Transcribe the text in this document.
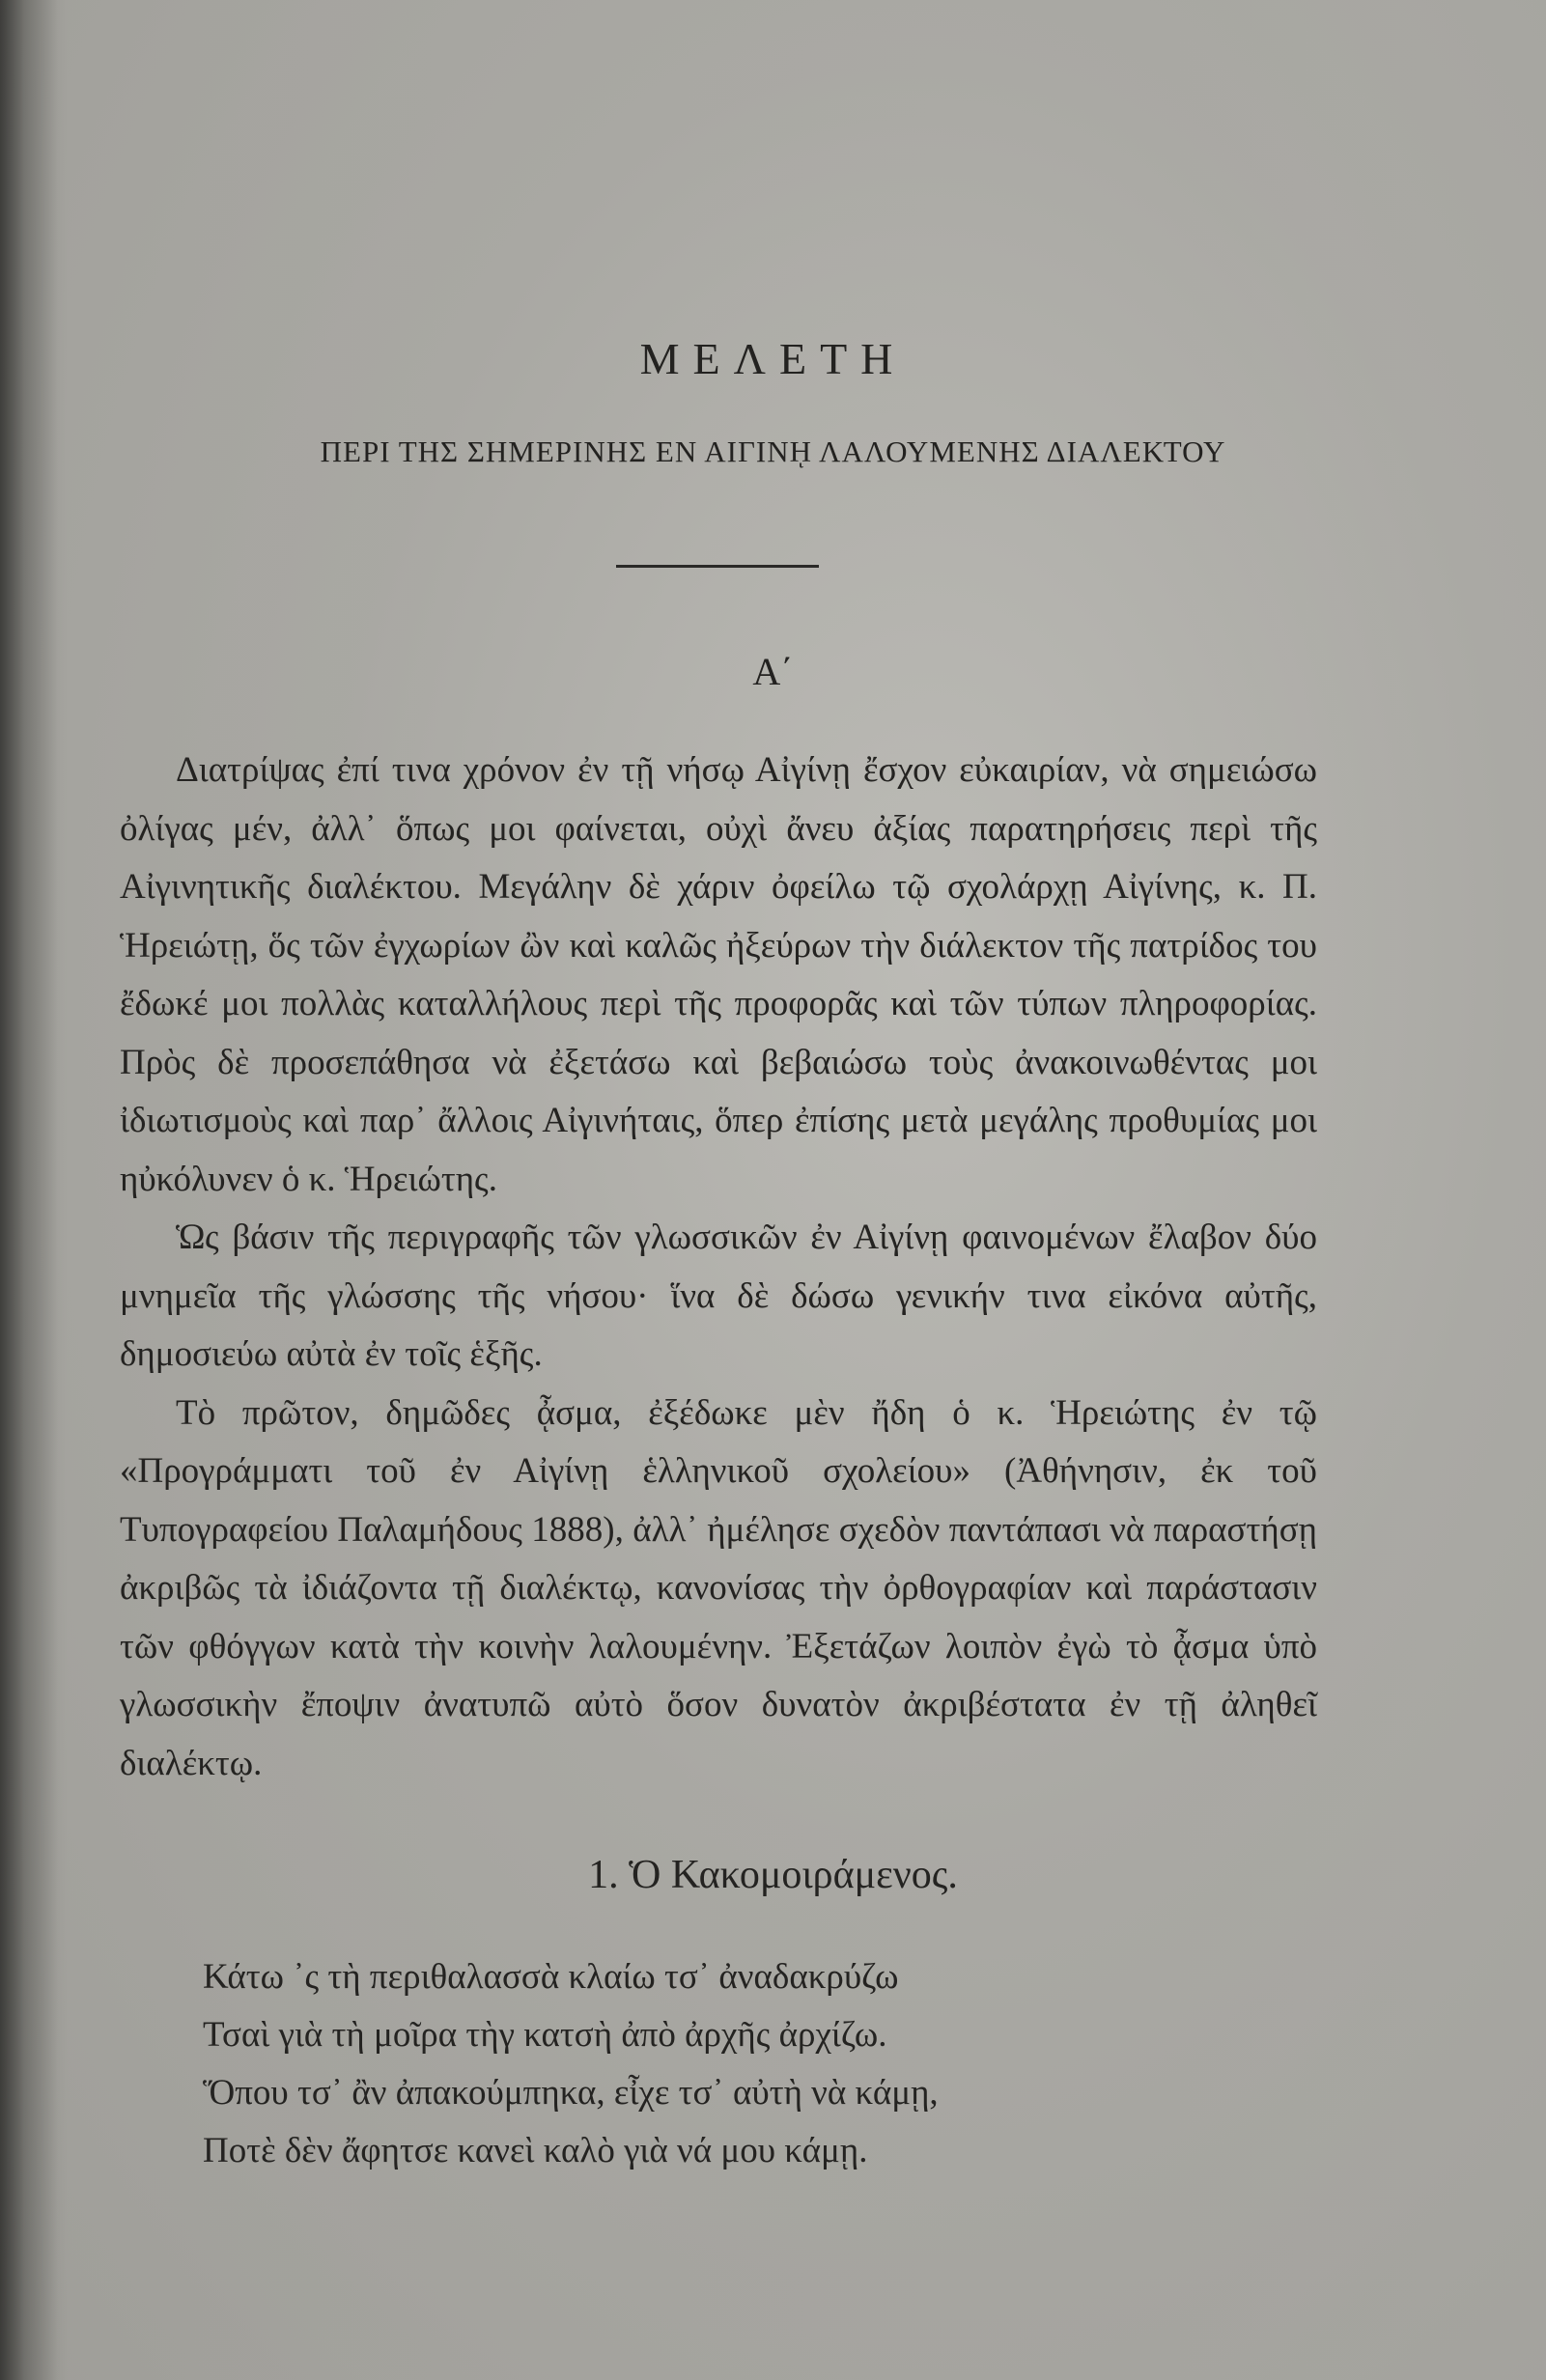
ΜΕΛΕΤΗ
ΠΕΡΙ ΤΗΣ ΣΗΜΕΡΙΝΗΣ ΕΝ ΑΙΓΙΝῌ ΛΑΛΟΥΜΕΝΗΣ ΔΙΑΛΕΚΤΟΥ
Α΄

Διατρίψας ἐπί τινα χρόνον ἐν τῇ νήσῳ Αἰγίνῃ ἔσχον εὐκαιρίαν, νὰ σημειώσω ὀλίγας μέν, ἀλλ᾽ ὅπως μοι φαίνεται, οὐχὶ ἄνευ ἀξίας παρατηρήσεις περὶ τῆς Αἰγινητικῆς διαλέκτου. Μεγάλην δὲ χάριν ὀφείλω τῷ σχολάρχῃ Αἰγίνης, κ. Π. Ἡρειώτῃ, ὅς τῶν ἐγχωρίων ὢν καὶ καλῶς ἠξεύρων τὴν διάλεκτον τῆς πατρίδος του ἔδωκέ μοι πολλὰς καταλλήλους περὶ τῆς προφορᾶς καὶ τῶν τύπων πληροφορίας. Πρὸς δὲ προσεπάθησα νὰ ἐξετάσω καὶ βεβαιώσω τοὺς ἀνακοινωθέντας μοι ἰδιωτισμοὺς καὶ παρ᾽ ἄλλοις Αἰγινήταις, ὅπερ ἐπίσης μετὰ μεγάλης προθυμίας μοι ηὐκόλυνεν ὁ κ. Ἡρειώτης.

Ὡς βάσιν τῆς περιγραφῆς τῶν γλωσσικῶν ἐν Αἰγίνῃ φαινομένων ἔλαβον δύο μνημεῖα τῆς γλώσσης τῆς νήσου· ἵνα δὲ δώσω γενικήν τινα εἰκόνα αὐτῆς, δημοσιεύω αὐτὰ ἐν τοῖς ἑξῆς.

Τὸ πρῶτον, δημῶδες ᾆσμα, ἐξέδωκε μὲν ἤδη ὁ κ. Ἡρειώτης ἐν τῷ «Προγράμματι τοῦ ἐν Αἰγίνῃ ἑλληνικοῦ σχολείου» (Ἀθήνησιν, ἐκ τοῦ Τυπογραφείου Παλαμήδους 1888), ἀλλ᾽ ἠμέλησε σχεδὸν παντάπασι νὰ παραστήσῃ ἀκριβῶς τὰ ἰδιάζοντα τῇ διαλέκτῳ, κανονίσας τὴν ὀρθογραφίαν καὶ παράστασιν τῶν φθόγγων κατὰ τὴν κοινὴν λαλουμένην. Ἐξετάζων λοιπὸν ἐγὼ τὸ ᾆσμα ὑπὸ γλωσσικὴν ἔποψιν ἀνατυπῶ αὐτὸ ὅσον δυνατὸν ἀκριβέστατα ἐν τῇ ἀληθεῖ διαλέκτῳ.

1. Ὁ Κακομοιράμενος.
Κάτω ᾽ς τὴ περιθαλασσὰ κλαίω τσ᾽ ἀναδακρύζω
Τσαὶ γιὰ τὴ μοῖρα τὴγ κατσὴ ἀπὸ ἀρχῆς ἀρχίζω.
Ὅπου τσ᾽ ἂν ἀπακούμπηκα, εἶχε τσ᾽ αὐτὴ νὰ κάμῃ,
Ποτὲ δὲν ἄφητσε κανεὶ καλὸ γιὰ νά μου κάμῃ.
